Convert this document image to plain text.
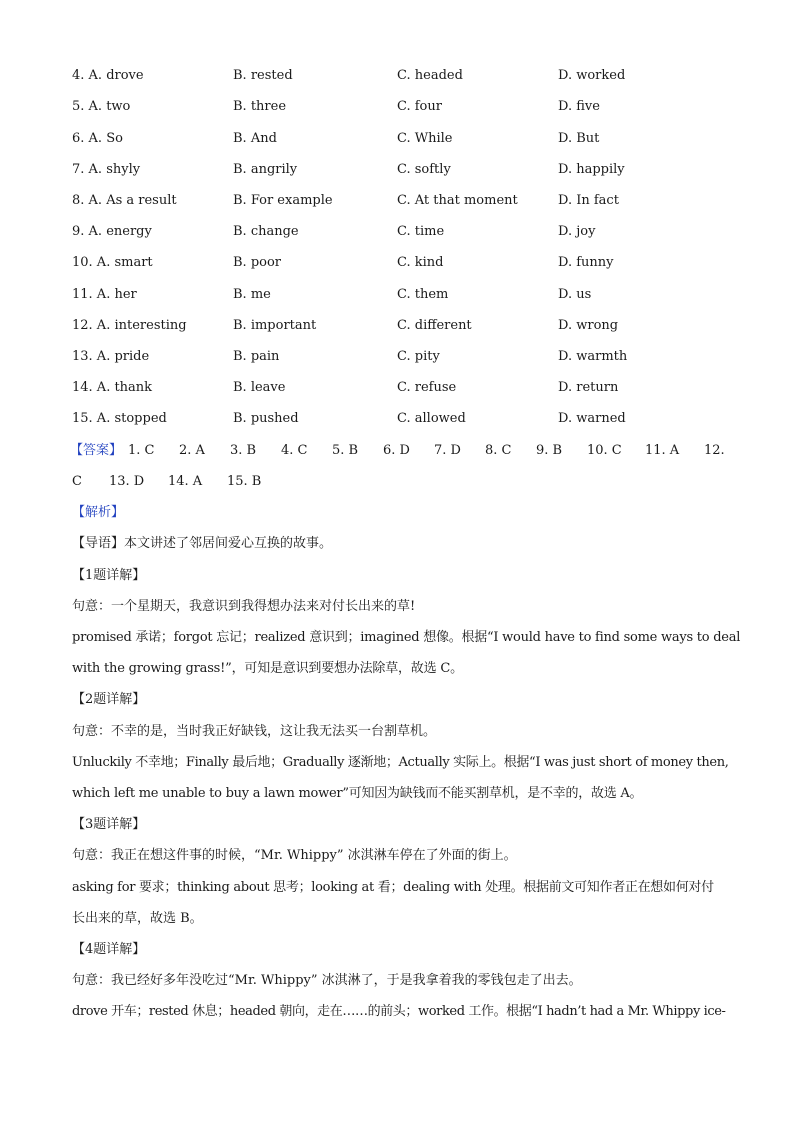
4. A. drove	B. rested	C. headed	D. worked
5. A. two	B. three	C. four	D. five
6. A. So	B. And	C. While	D. But
7. A. shyly	B. angrily	C. softly	D. happily
8. A. As a result	B. For example	C. At that moment	D. In fact
9. A. energy	B. change	C. time	D. joy
10. A. smart	B. poor	C. kind	D. funny
11. A. her	B. me	C. them	D. us
12. A. interesting	B. important	C. different	D. wrong
13. A. pride	B. pain	C. pity	D. warmth
14. A. thank	B. leave	C. refuse	D. return
15. A. stopped	B. pushed	C. allowed	D. warned
【答案】 1. C 2. A 3. B 4. C 5. B 6. D 7. D 8. C 9. B 10. C 11. A 12.
C 13. D 14. A 15. B
【解析】
【导语】本文讲述了邻居间爱心互换的故事。
【1题详解】
句意：一个星期天，我意识到我得想办法来对付长出来的草!
promised 承诺；forgot 忘记；realized 意识到；imagined 想像。根据“I would have to find some ways to deal
with the growing grass!”，可知是意识到要想办法除草，故选 C。
【2题详解】
句意：不幸的是，当时我正好缺钱，这让我无法买一台割草机。
Unluckily 不幸地；Finally 最后地；Gradually 逐渐地；Actually 实际上。根据“I was just short of money then,
which left me unable to buy a lawn mower”可知因为缺钱而不能买割草机，是不幸的，故选 A。
【3题详解】
句意：我正在想这件事的时候，“Mr. Whippy” 冰淇淋车停在了外面的街上。
asking for 要求；thinking about 思考；looking at 看；dealing with 处理。根据前文可知作者正在想如何对付
长出来的草，故选 B。
【4题详解】
句意：我已经好多年没吃过“Mr. Whippy” 冰淇淋了，于是我拿着我的零钱包走了出去。
drove 开车；rested 休息；headed 朝向，走在……的前头；worked 工作。根据“I hadn’t had a Mr. Whippy ice-
